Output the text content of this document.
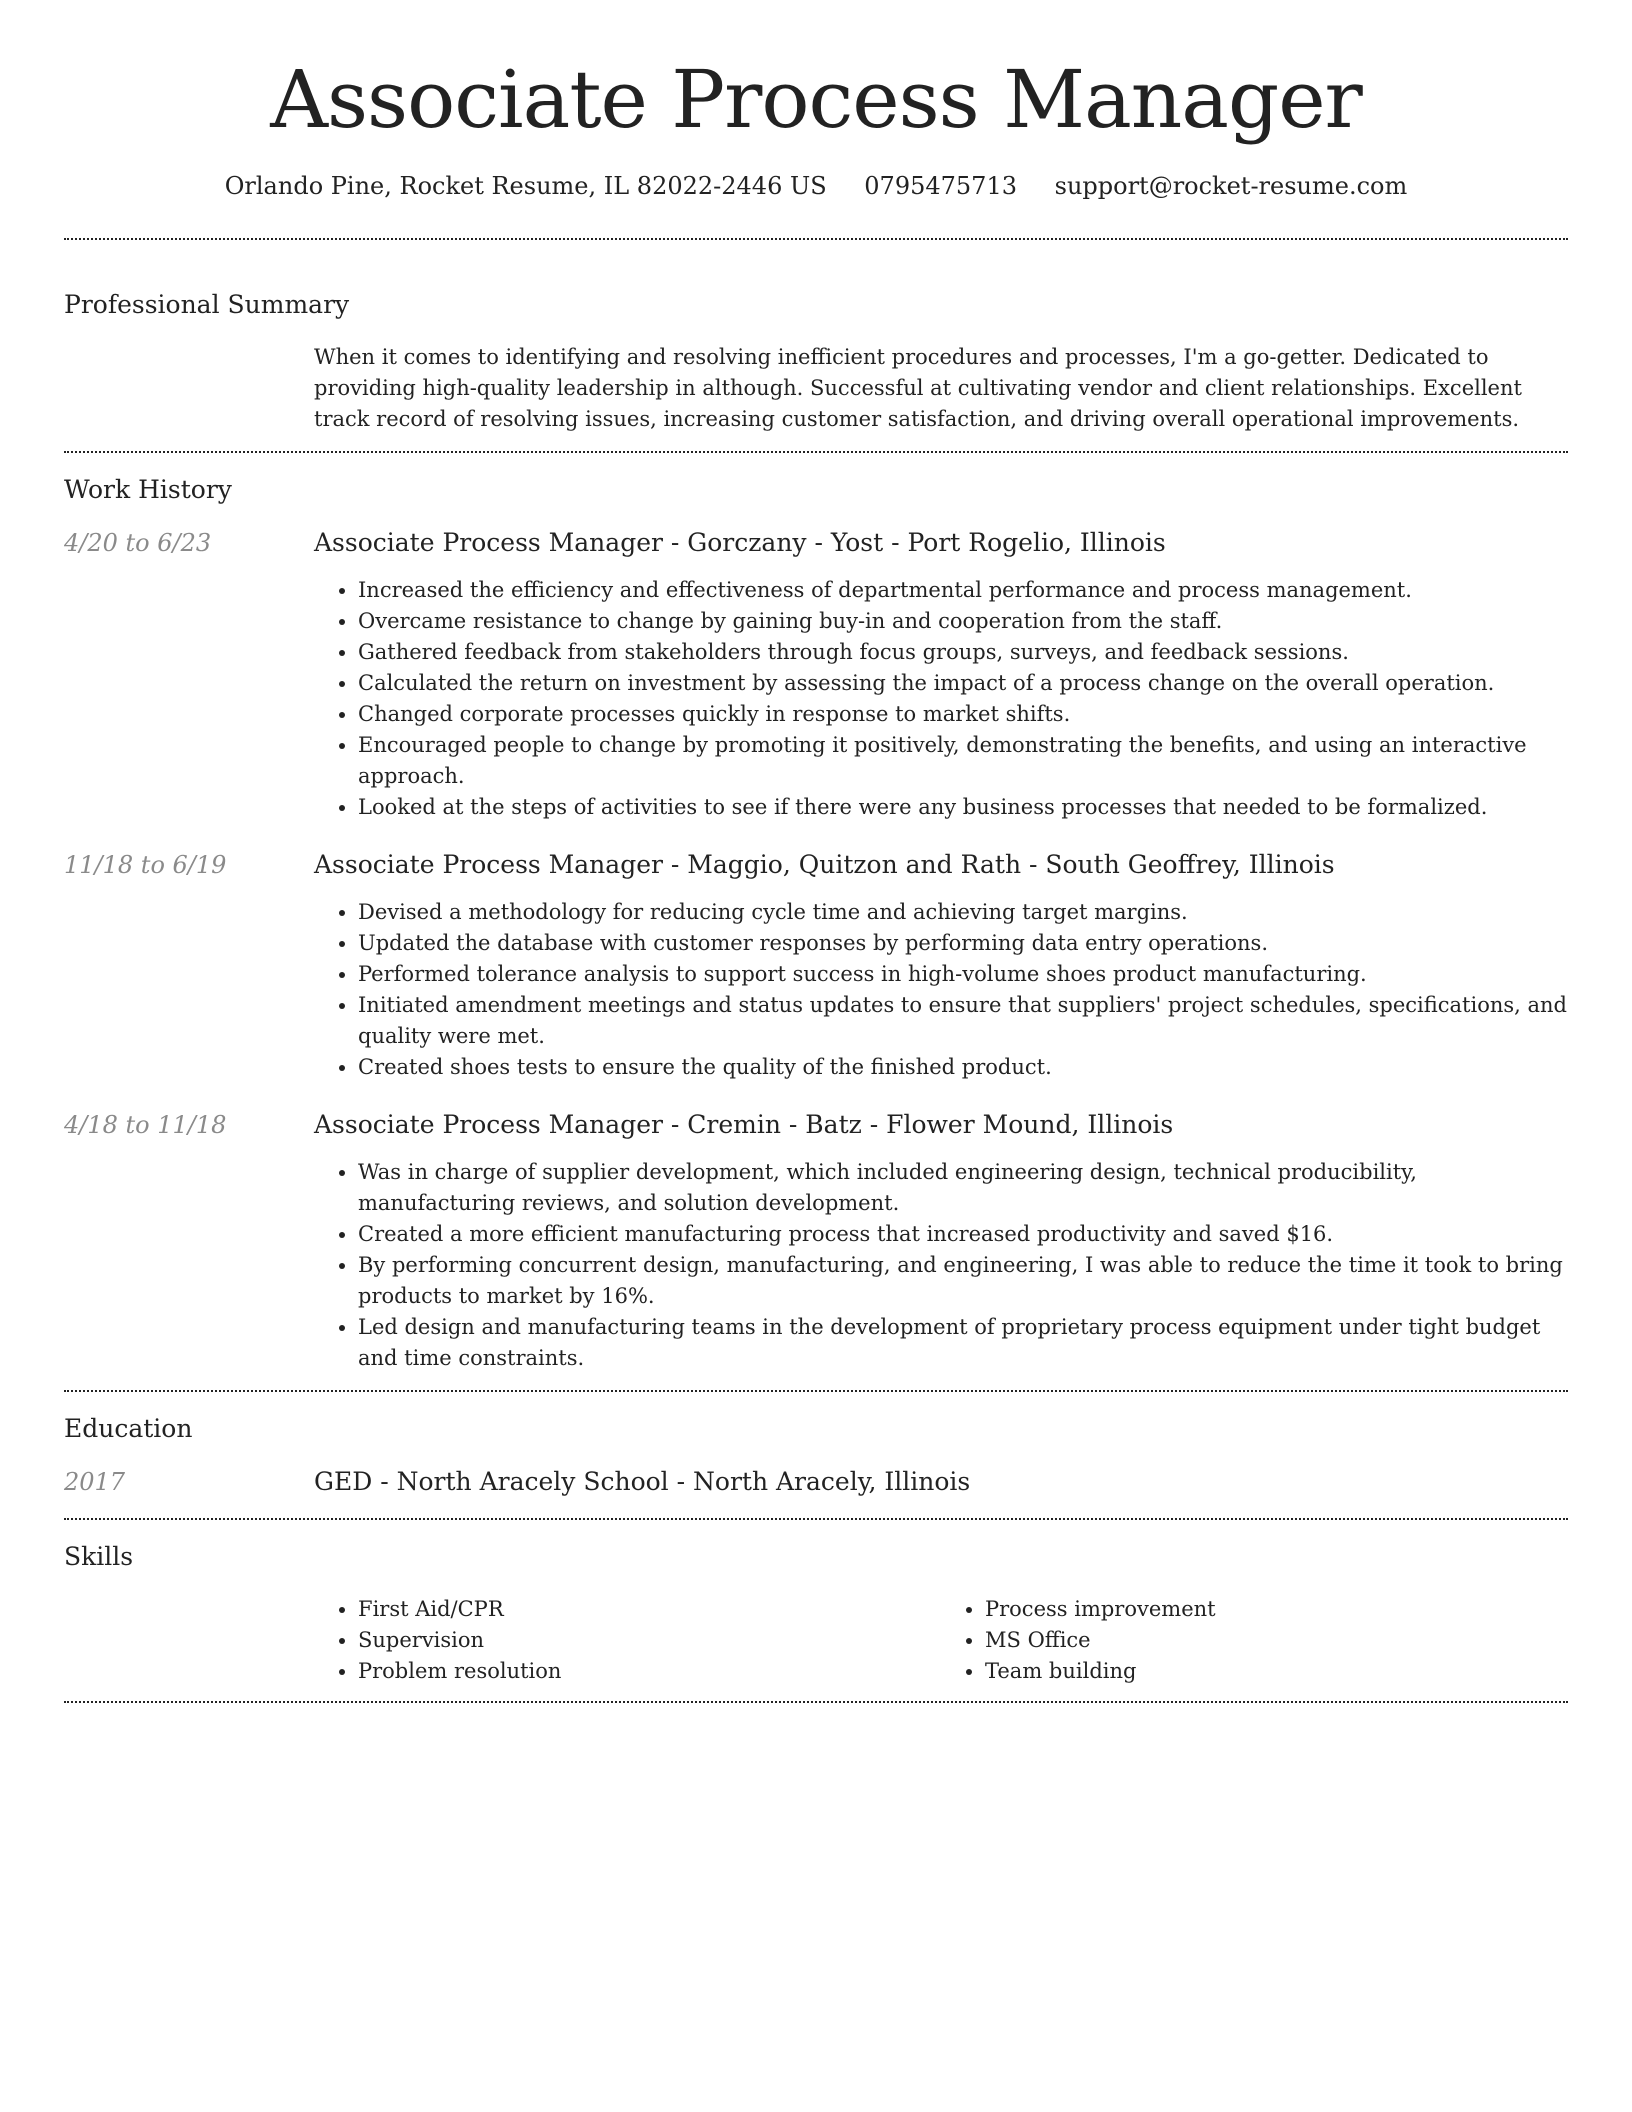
Associate Process Manager
Orlando Pine, Rocket Resume, IL 82022-2446 US 0795475713 support@rocket-resume.com
Professional Summary

When it comes to identifying and resolving inefficient procedures and processes, I'm a go-getter. Dedicated to providing high-quality leadership in although. Successful at cultivating vendor and client relationships. Excellent track record of resolving issues, increasing customer satisfaction, and driving overall operational improvements.

Work History
4/20 to 6/23	Associate Process Manager - Gorczany - Yost - Port Rogelio, Illinois
• Increased the efficiency and effectiveness of departmental performance and process management.
• Overcame resistance to change by gaining buy-in and cooperation from the staff.
• Gathered feedback from stakeholders through focus groups, surveys, and feedback sessions.
• Calculated the return on investment by assessing the impact of a process change on the overall operation.
• Changed corporate processes quickly in response to market shifts.
• Encouraged people to change by promoting it positively, demonstrating the benefits, and using an interactive approach.
• Looked at the steps of activities to see if there were any business processes that needed to be formalized.
11/18 to 6/19	Associate Process Manager - Maggio, Quitzon and Rath - South Geoffrey, Illinois
• Devised a methodology for reducing cycle time and achieving target margins.
• Updated the database with customer responses by performing data entry operations.
• Performed tolerance analysis to support success in high-volume shoes product manufacturing.
• Initiated amendment meetings and status updates to ensure that suppliers' project schedules, specifications, and quality were met.
• Created shoes tests to ensure the quality of the finished product.
4/18 to 11/18	Associate Process Manager - Cremin - Batz - Flower Mound, Illinois
• Was in charge of supplier development, which included engineering design, technical producibility, manufacturing reviews, and solution development.
• Created a more efficient manufacturing process that increased productivity and saved $16.
• By performing concurrent design, manufacturing, and engineering, I was able to reduce the time it took to bring products to market by 16%.
• Led design and manufacturing teams in the development of proprietary process equipment under tight budget and time constraints.
Education
2017	GED - North Aracely School - North Aracely, Illinois
Skills
• First Aid/CPR
• Supervision
• Problem resolution
• Process improvement
• MS Office
• Team building
